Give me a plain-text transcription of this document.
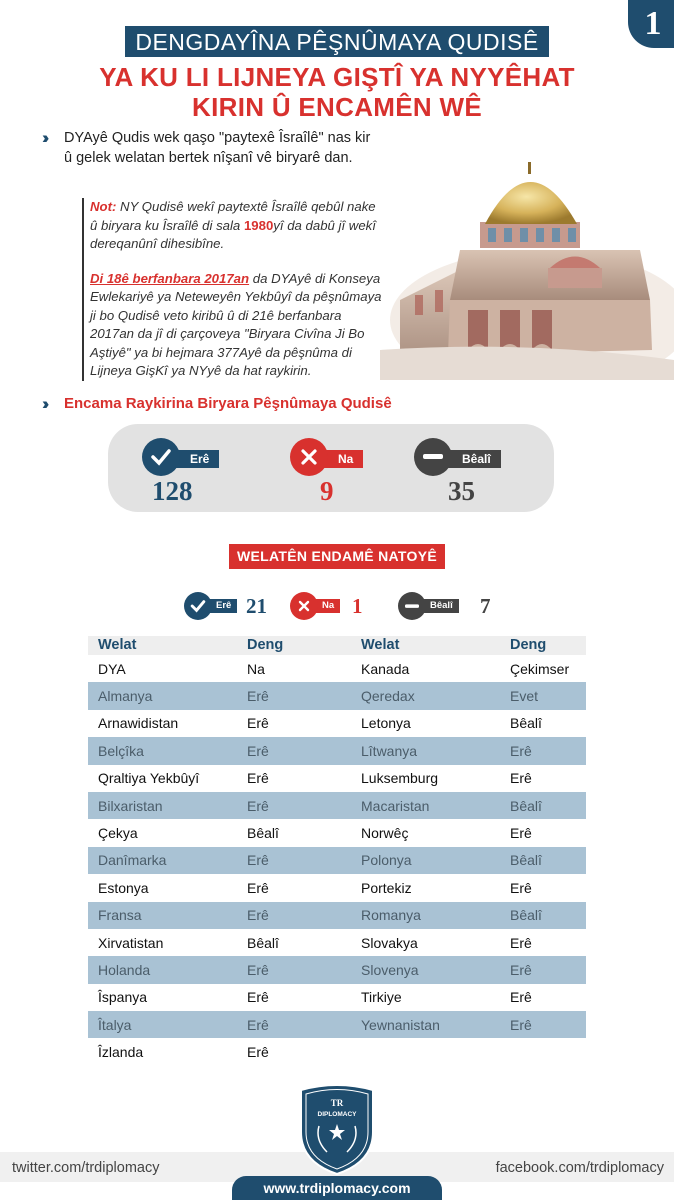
1
DENGDAYÎNA PÊŞNÛMAYA QUDISÊ
YA KU LI LIJNEYA GIŞTÎ YA NYYÊHAT
KIRIN Û ENCAMÊN WÊ
››	DYAyê Qudis wek qaşo "paytexê Îsraîlê" nas kir
û gelek welatan bertek nîşanî vê biryarê dan.

Not: NY Qudisê wekî paytextê Îsraîlê qebûl nake û biryara ku Îsraîlê di sala 1980yî da dabû jî wekî dereqanûnî dihesibîne.

Di 18ê berfanbara 2017an da DYAyê di Konseya Ewlekariyê ya Neteweyên Yekbûyî da pêşnûmaya ji bo Qudisê veto kiribû û di 21ê berfanbara 2017an da jî di çarçoveya "Biryara Civîna Ji Bo Aştiyê" ya bi hejmara 377Ayê da pêşnûma di Lijneya GişKî ya NYyê da hat raykirin.

››	Encama Raykirina Biryara Pêşnûmaya Qudisê
Erê
128
Na
9
Bêalî
35
WELATÊN ENDAMÊ NATOYÊ
Erê 21	Na 1	Bêalî 7
Welat	Deng	Welat	Deng
DYA	Na	Kanada	Çekimser
Almanya	Erê	Qeredax	Evet
Arnawidistan	Erê	Letonya	Bêalî
Belçîka	Erê	Lîtwanya	Erê
Qraltiya Yekbûyî	Erê	Luksemburg	Erê
Bilxaristan	Erê	Macaristan	Bêalî
Çekya	Bêalî	Norwêç	Erê
Danîmarka	Erê	Polonya	Bêalî
Estonya	Erê	Portekiz	Erê
Fransa	Erê	Romanya	Bêalî
Xirvatistan	Bêalî	Slovakya	Erê
Holanda	Erê	Slovenya	Erê
Îspanya	Erê	Tirkiye	Erê
Îtalya	Erê	Yewnanistan	Erê
Îzlanda	Erê		
twitter.com/trdiplomacy	facebook.com/trdiplomacy
TR
DIPLOMACY
www.trdiplomacy.com
